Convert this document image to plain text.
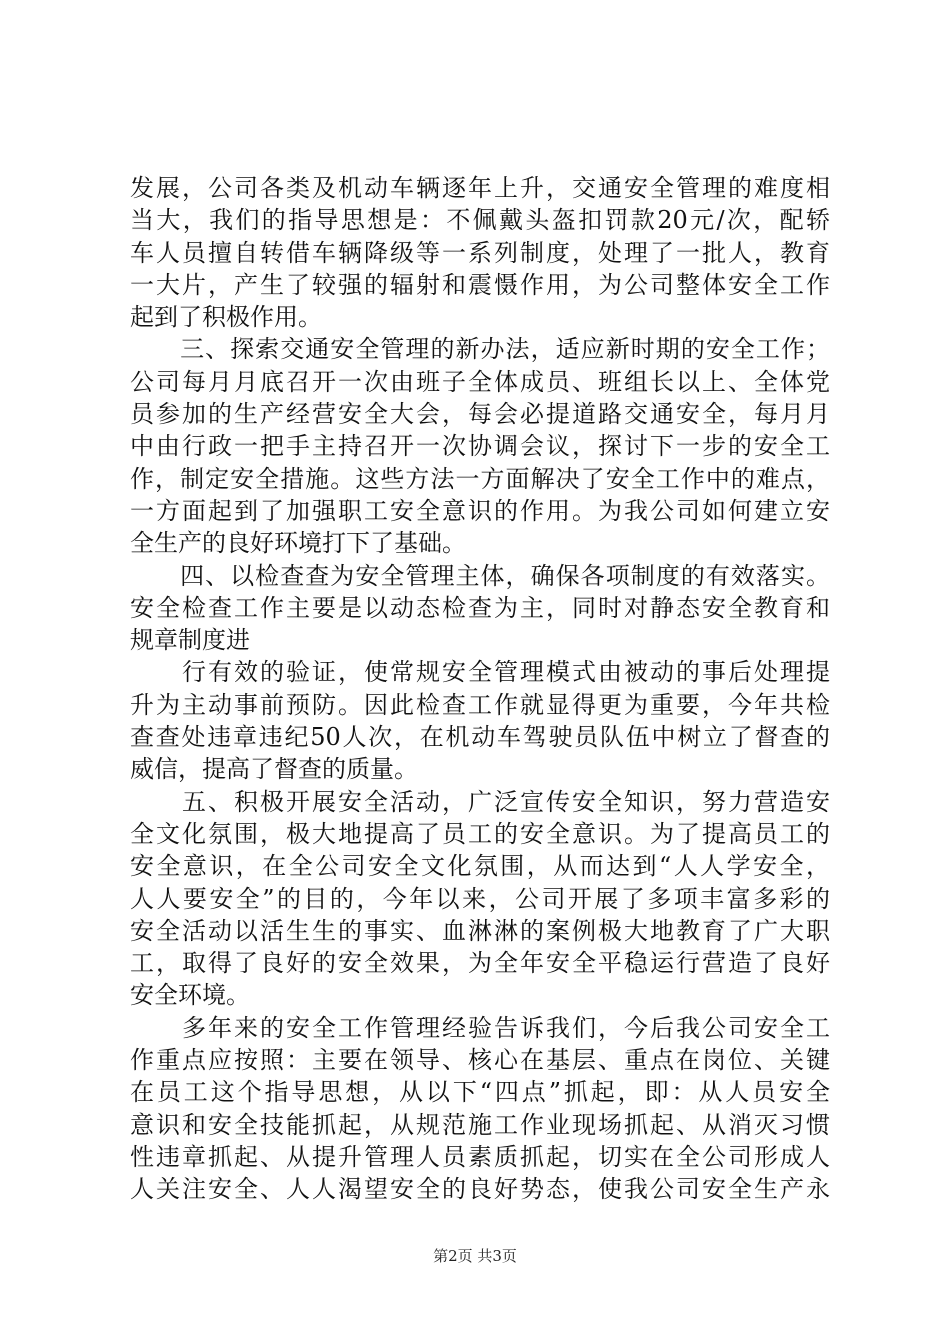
发展，公司各类及机动车辆逐年上升，交通安全管理的难度相
当大，我们的指导思想是：不佩戴头盔扣罚款20元/次，配轿
车人员擅自转借车辆降级等一系列制度，处理了一批人，教育
一大片，产生了较强的辐射和震慑作用，为公司整体安全工作
起到了积极作用。
　　三、探索交通安全管理的新办法，适应新时期的安全工作；
公司每月月底召开一次由班子全体成员、班组长以上、全体党
员参加的生产经营安全大会，每会必提道路交通安全，每月月
中由行政一把手主持召开一次协调会议，探讨下一步的安全工
作，制定安全措施。这些方法一方面解决了安全工作中的难点，
一方面起到了加强职工安全意识的作用。为我公司如何建立安
全生产的良好环境打下了基础。
　　四、以检查查为安全管理主体，确保各项制度的有效落实。
安全检查工作主要是以动态检查为主，同时对静态安全教育和
规章制度进
　　行有效的验证，使常规安全管理模式由被动的事后处理提
升为主动事前预防。因此检查工作就显得更为重要，今年共检
查查处违章违纪50人次，在机动车驾驶员队伍中树立了督查的
威信，提高了督查的质量。
　　五、积极开展安全活动，广泛宣传安全知识，努力营造安
全文化氛围，极大地提高了员工的安全意识。为了提高员工的
安全意识，在全公司安全文化氛围，从而达到“人人学安全，
人人要安全”的目的，今年以来，公司开展了多项丰富多彩的
安全活动以活生生的事实、血淋淋的案例极大地教育了广大职
工，取得了良好的安全效果，为全年安全平稳运行营造了良好
安全环境。
　　多年来的安全工作管理经验告诉我们，今后我公司安全工
作重点应按照：主要在领导、核心在基层、重点在岗位、关键
在员工这个指导思想，从以下“四点”抓起，即：从人员安全
意识和安全技能抓起，从规范施工作业现场抓起、从消灭习惯
性违章抓起、从提升管理人员素质抓起，切实在全公司形成人
人关注安全、人人渴望安全的良好势态，使我公司安全生产永
第2页 共3页
